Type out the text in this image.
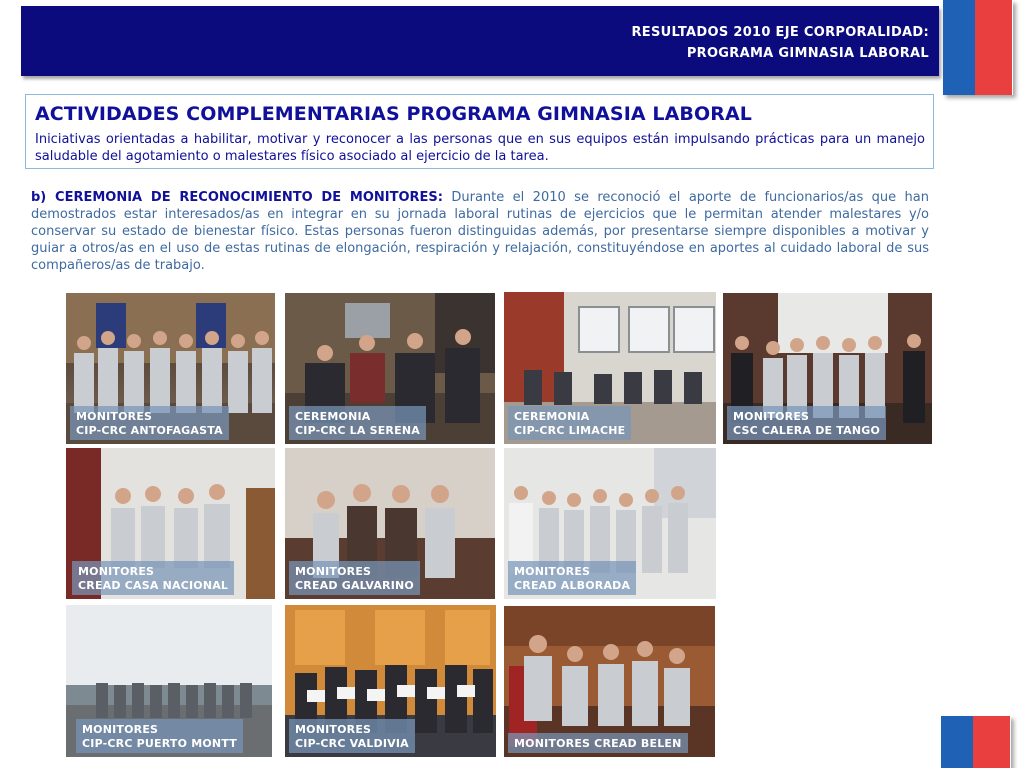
RESULTADOS 2010 EJE CORPORALIDAD:
PROGRAMA GIMNASIA LABORAL
ACTIVIDADES COMPLEMENTARIAS PROGRAMA GIMNASIA LABORAL

Iniciativas orientadas a habilitar, motivar y reconocer a las personas que en sus equipos están impulsando prácticas para un manejo saludable del agotamiento o malestares físico asociado al ejercicio de la tarea.

b) CEREMONIA DE RECONOCIMIENTO DE MONITORES: Durante el 2010 se reconoció el aporte de funcionarios/as que han demostrados estar interesados/as en integrar en su jornada laboral rutinas de ejercicios que le permitan atender malestares y/o conservar su estado de bienestar físico. Estas personas fueron distinguidas además, por presentarse siempre disponibles a motivar y guiar a otros/as en el uso de estas rutinas de elongación, respiración y relajación, constituyéndose en aportes al cuidado laboral de sus compañeros/as de trabajo.

MONITORES
CIP-CRC ANTOFAGASTA
CEREMONIA
CIP-CRC LA SERENA
CEREMONIA
CIP-CRC LIMACHE
MONITORES
CSC CALERA DE TANGO
MONITORES
CREAD CASA NACIONAL
MONITORES
CREAD GALVARINO
MONITORES
CREAD ALBORADA
MONITORES
CIP-CRC PUERTO MONTT
MONITORES
CIP-CRC VALDIVIA	MONITORES CREAD BELEN
